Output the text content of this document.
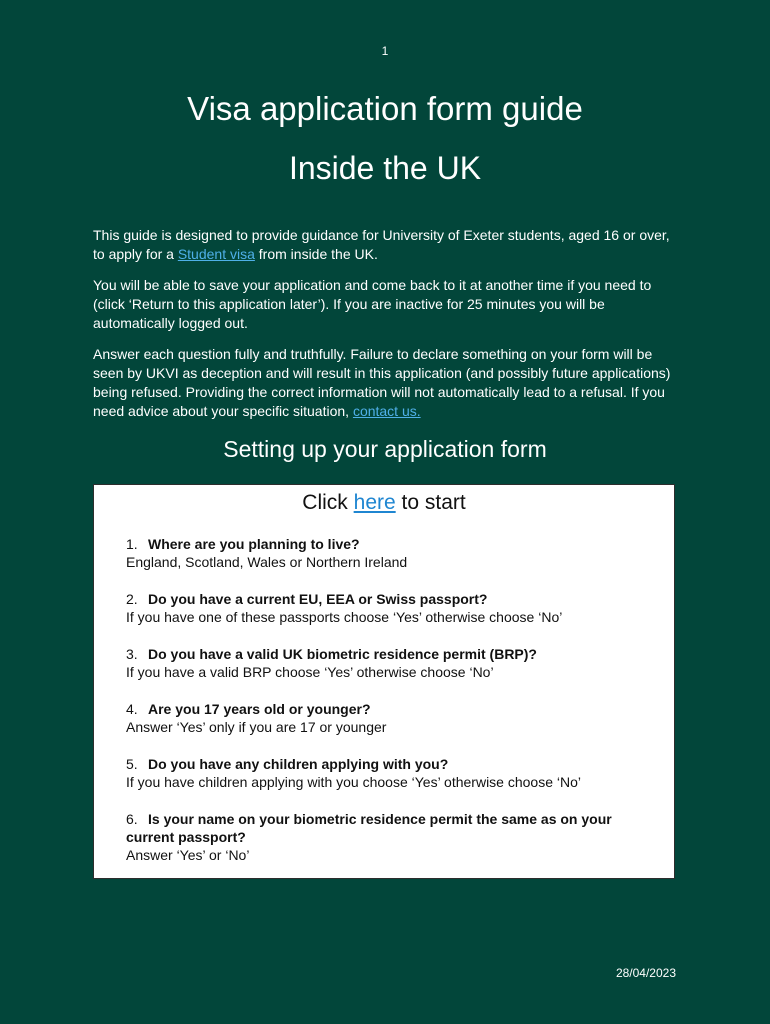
1
Visa application form guide
Inside the UK

This guide is designed to provide guidance for University of Exeter students, aged 16 or over, to apply for a Student visa from inside the UK.

You will be able to save your application and come back to it at another time if you need to (click ‘Return to this application later’). If you are inactive for 25 minutes you will be automatically logged out.

Answer each question fully and truthfully. Failure to declare something on your form will be seen by UKVI as deception and will result in this application (and possibly future applications) being refused. Providing the correct information will not automatically lead to a refusal. If you need advice about your specific situation, contact us.

Setting up your application form
Click here to start
1. Where are you planning to live?
England, Scotland, Wales or Northern Ireland
2. Do you have a current EU, EEA or Swiss passport?
If you have one of these passports choose ‘Yes’ otherwise choose ‘No’
3. Do you have a valid UK biometric residence permit (BRP)?
If you have a valid BRP choose ‘Yes’ otherwise choose ‘No’
4. Are you 17 years old or younger?
Answer ‘Yes’ only if you are 17 or younger
5. Do you have any children applying with you?
If you have children applying with you choose ‘Yes’ otherwise choose ‘No’
6. Is your name on your biometric residence permit the same as on your current passport?
Answer ‘Yes’ or ‘No’
28/04/2023
